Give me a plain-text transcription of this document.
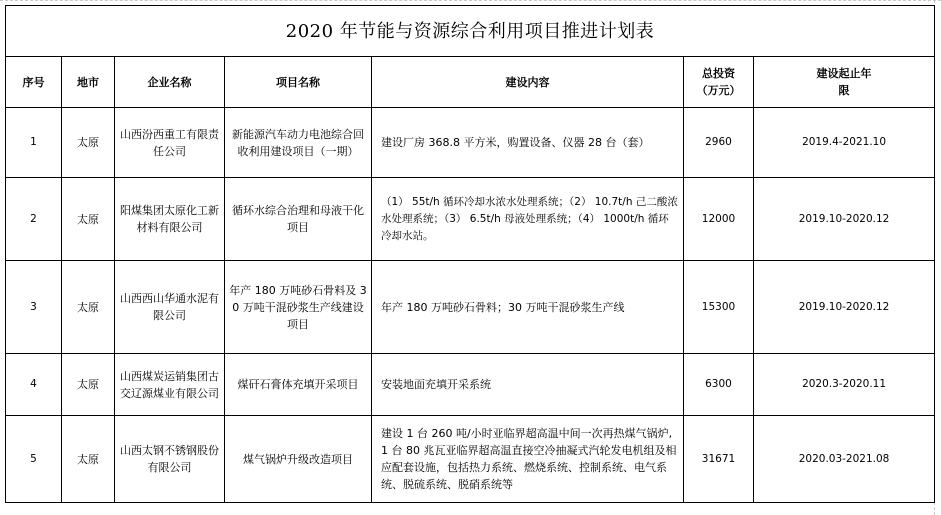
2020 年节能与资源综合利用项目推进计划表						
序号	地市	企业名称	项目名称	建设内容	总投资（万元）	建设起止年限
1	太原	山西汾西重工有限责任公司	新能源汽车动力电池综合回收利用建设项目（一期）	建设厂房 368.8 平方米，购置设备、仪器 28 台（套）	2960	2019.4-2021.10
2	太原	阳煤集团太原化工新材料有限公司	循环水综合治理和母液干化项目	（1） 55t/h 循环冷却水浓水处理系统；（2） 10.7t/h 己二酸浓水处理系统；（3） 6.5t/h 母液处理系统；（4） 1000t/h 循环冷却水站。	12000	2019.10-2020.12
3	太原	山西西山华通水泥有限公司	年产 180 万吨砂石骨料及 30 万吨干混砂浆生产线建设项目	年产 180 万吨砂石骨料；30 万吨干混砂浆生产线	15300	2019.10-2020.12
4	太原	山西煤炭运销集团古交辽源煤业有限公司	煤矸石膏体充填开采项目	安装地面充填开采系统	6300	2020.3-2020.11
5	太原	山西太钢不锈钢股份有限公司	煤气锅炉升级改造项目	建设 1 台 260 吨/小时亚临界超高温中间一次再热煤气锅炉,1 台 80 兆瓦亚临界超高温直接空冷抽凝式汽轮发电机组及相应配套设施，包括热力系统、燃烧系统、控制系统、电气系统、脱硫系统、脱硝系统等	31671	2020.03-2021.08
